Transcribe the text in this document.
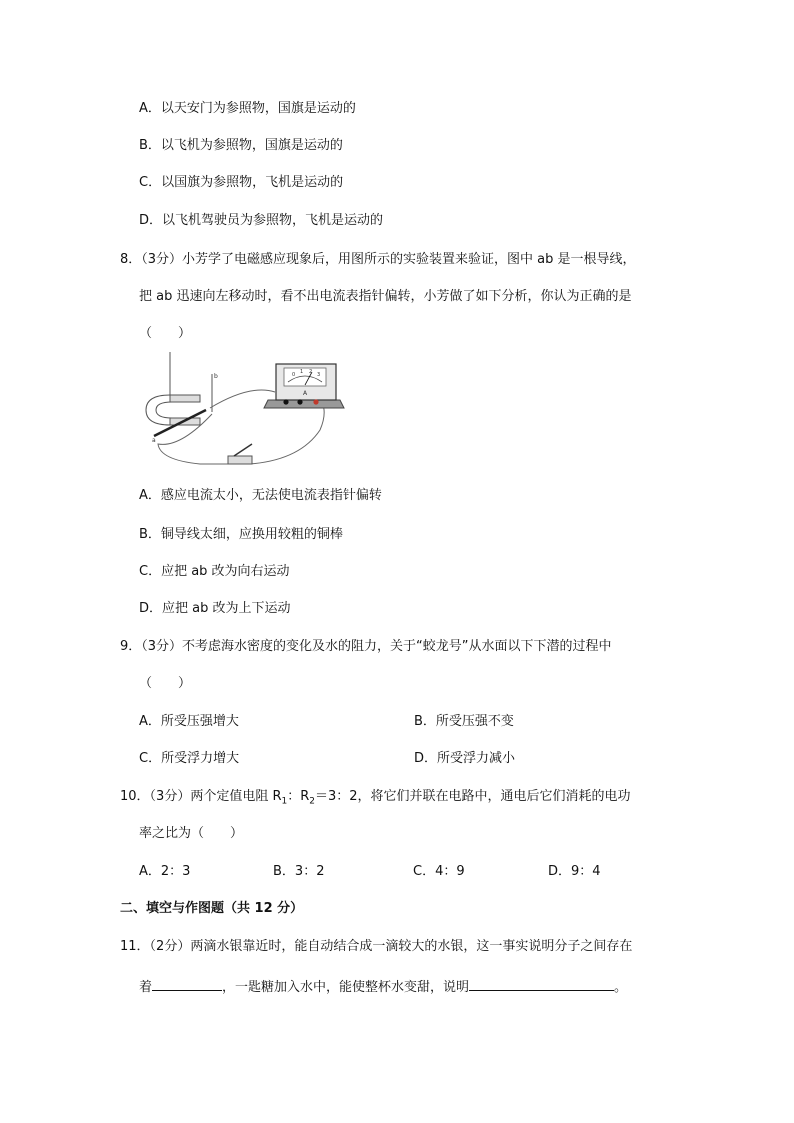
A．以天安门为参照物，国旗是运动的
B．以飞机为参照物，国旗是运动的
C．以国旗为参照物，飞机是运动的
D．以飞机驾驶员为参照物，飞机是运动的
8．（3分）小芳学了电磁感应现象后，用图所示的实验装置来验证，图中 ab 是一根导线，
把 ab 迅速向左移动时，看不出电流表指针偏转，小芳做了如下分析，你认为正确的是
（　　）
a
b	0 1 2 3
A
A．感应电流太小，无法使电流表指针偏转
B．铜导线太细，应换用较粗的铜棒
C．应把 ab 改为向右运动
D．应把 ab 改为上下运动
9．（3分）不考虑海水密度的变化及水的阻力，关于“蛟龙号”从水面以下下潜的过程中
（　　）
A．所受压强增大	B．所受压强不变
C．所受浮力增大	D．所受浮力减小
10．（3分）两个定值电阻 $R_1$：$R_2=3$：2，将它们并联在电路中，通电后它们消耗的电功
率之比为（　　）
A．2：3	B．3：2	C．4：9	D．9：4
二、填空与作图题（共 12 分）
11．（2分）两滴水银靠近时，能自动结合成一滴较大的水银，这一事实说明分子之间存在
着	，一匙糖加入水中，能使整杯水变甜，说明	。
